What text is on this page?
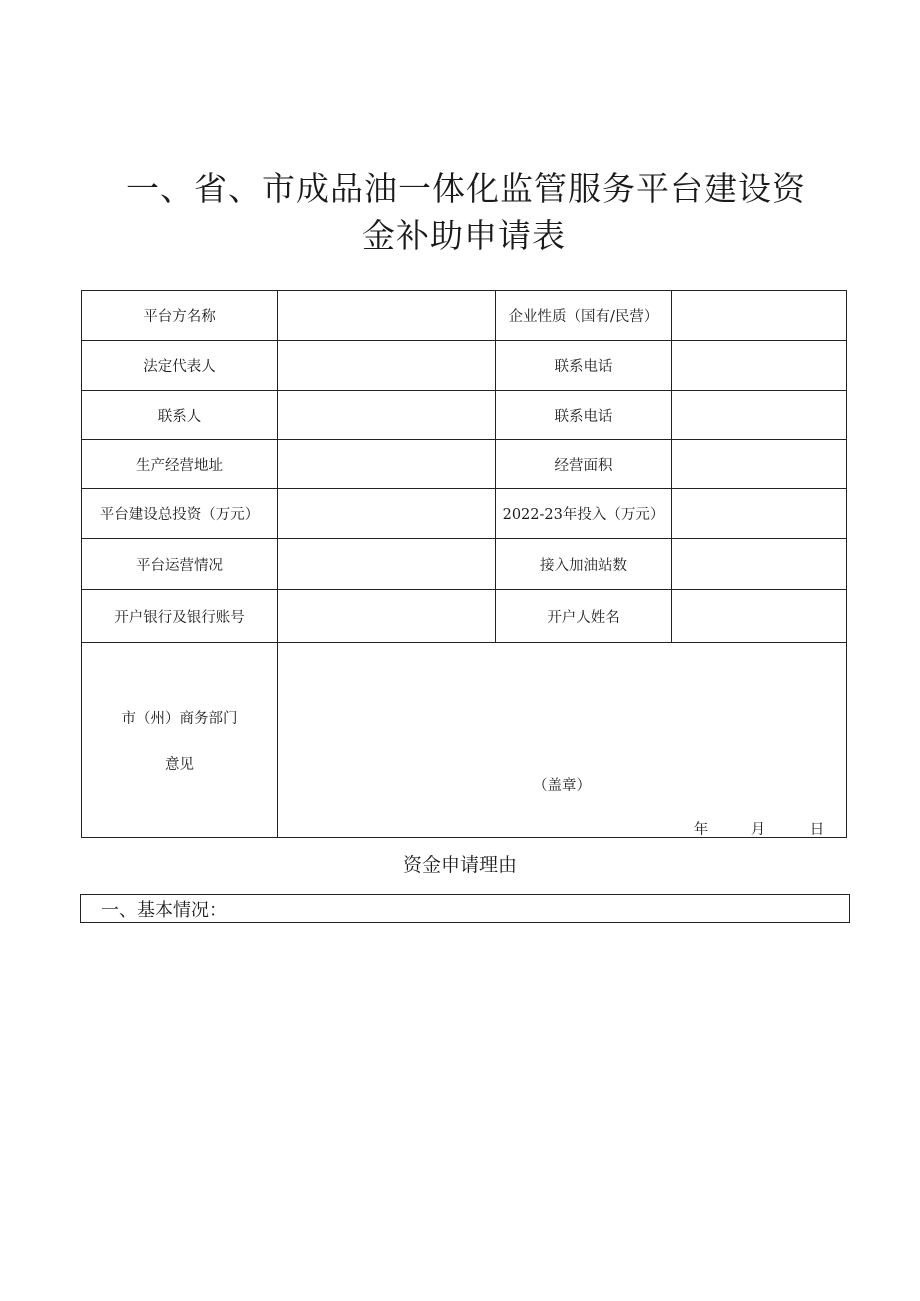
一、省、市成品油一体化监管服务平台建设资
金补助申请表
平台方名称	企业性质（国有/民营）
法定代表人	联系电话
联系人	联系电话
生产经营地址	经营面积
平台建设总投资（万元）	2022-23年投入（万元）
平台运营情况	接入加油站数
开户银行及银行账号	开户人姓名
市（州）商务部门
意见
（盖章）
年	月	日
资金申请理由
一、基本情况：
